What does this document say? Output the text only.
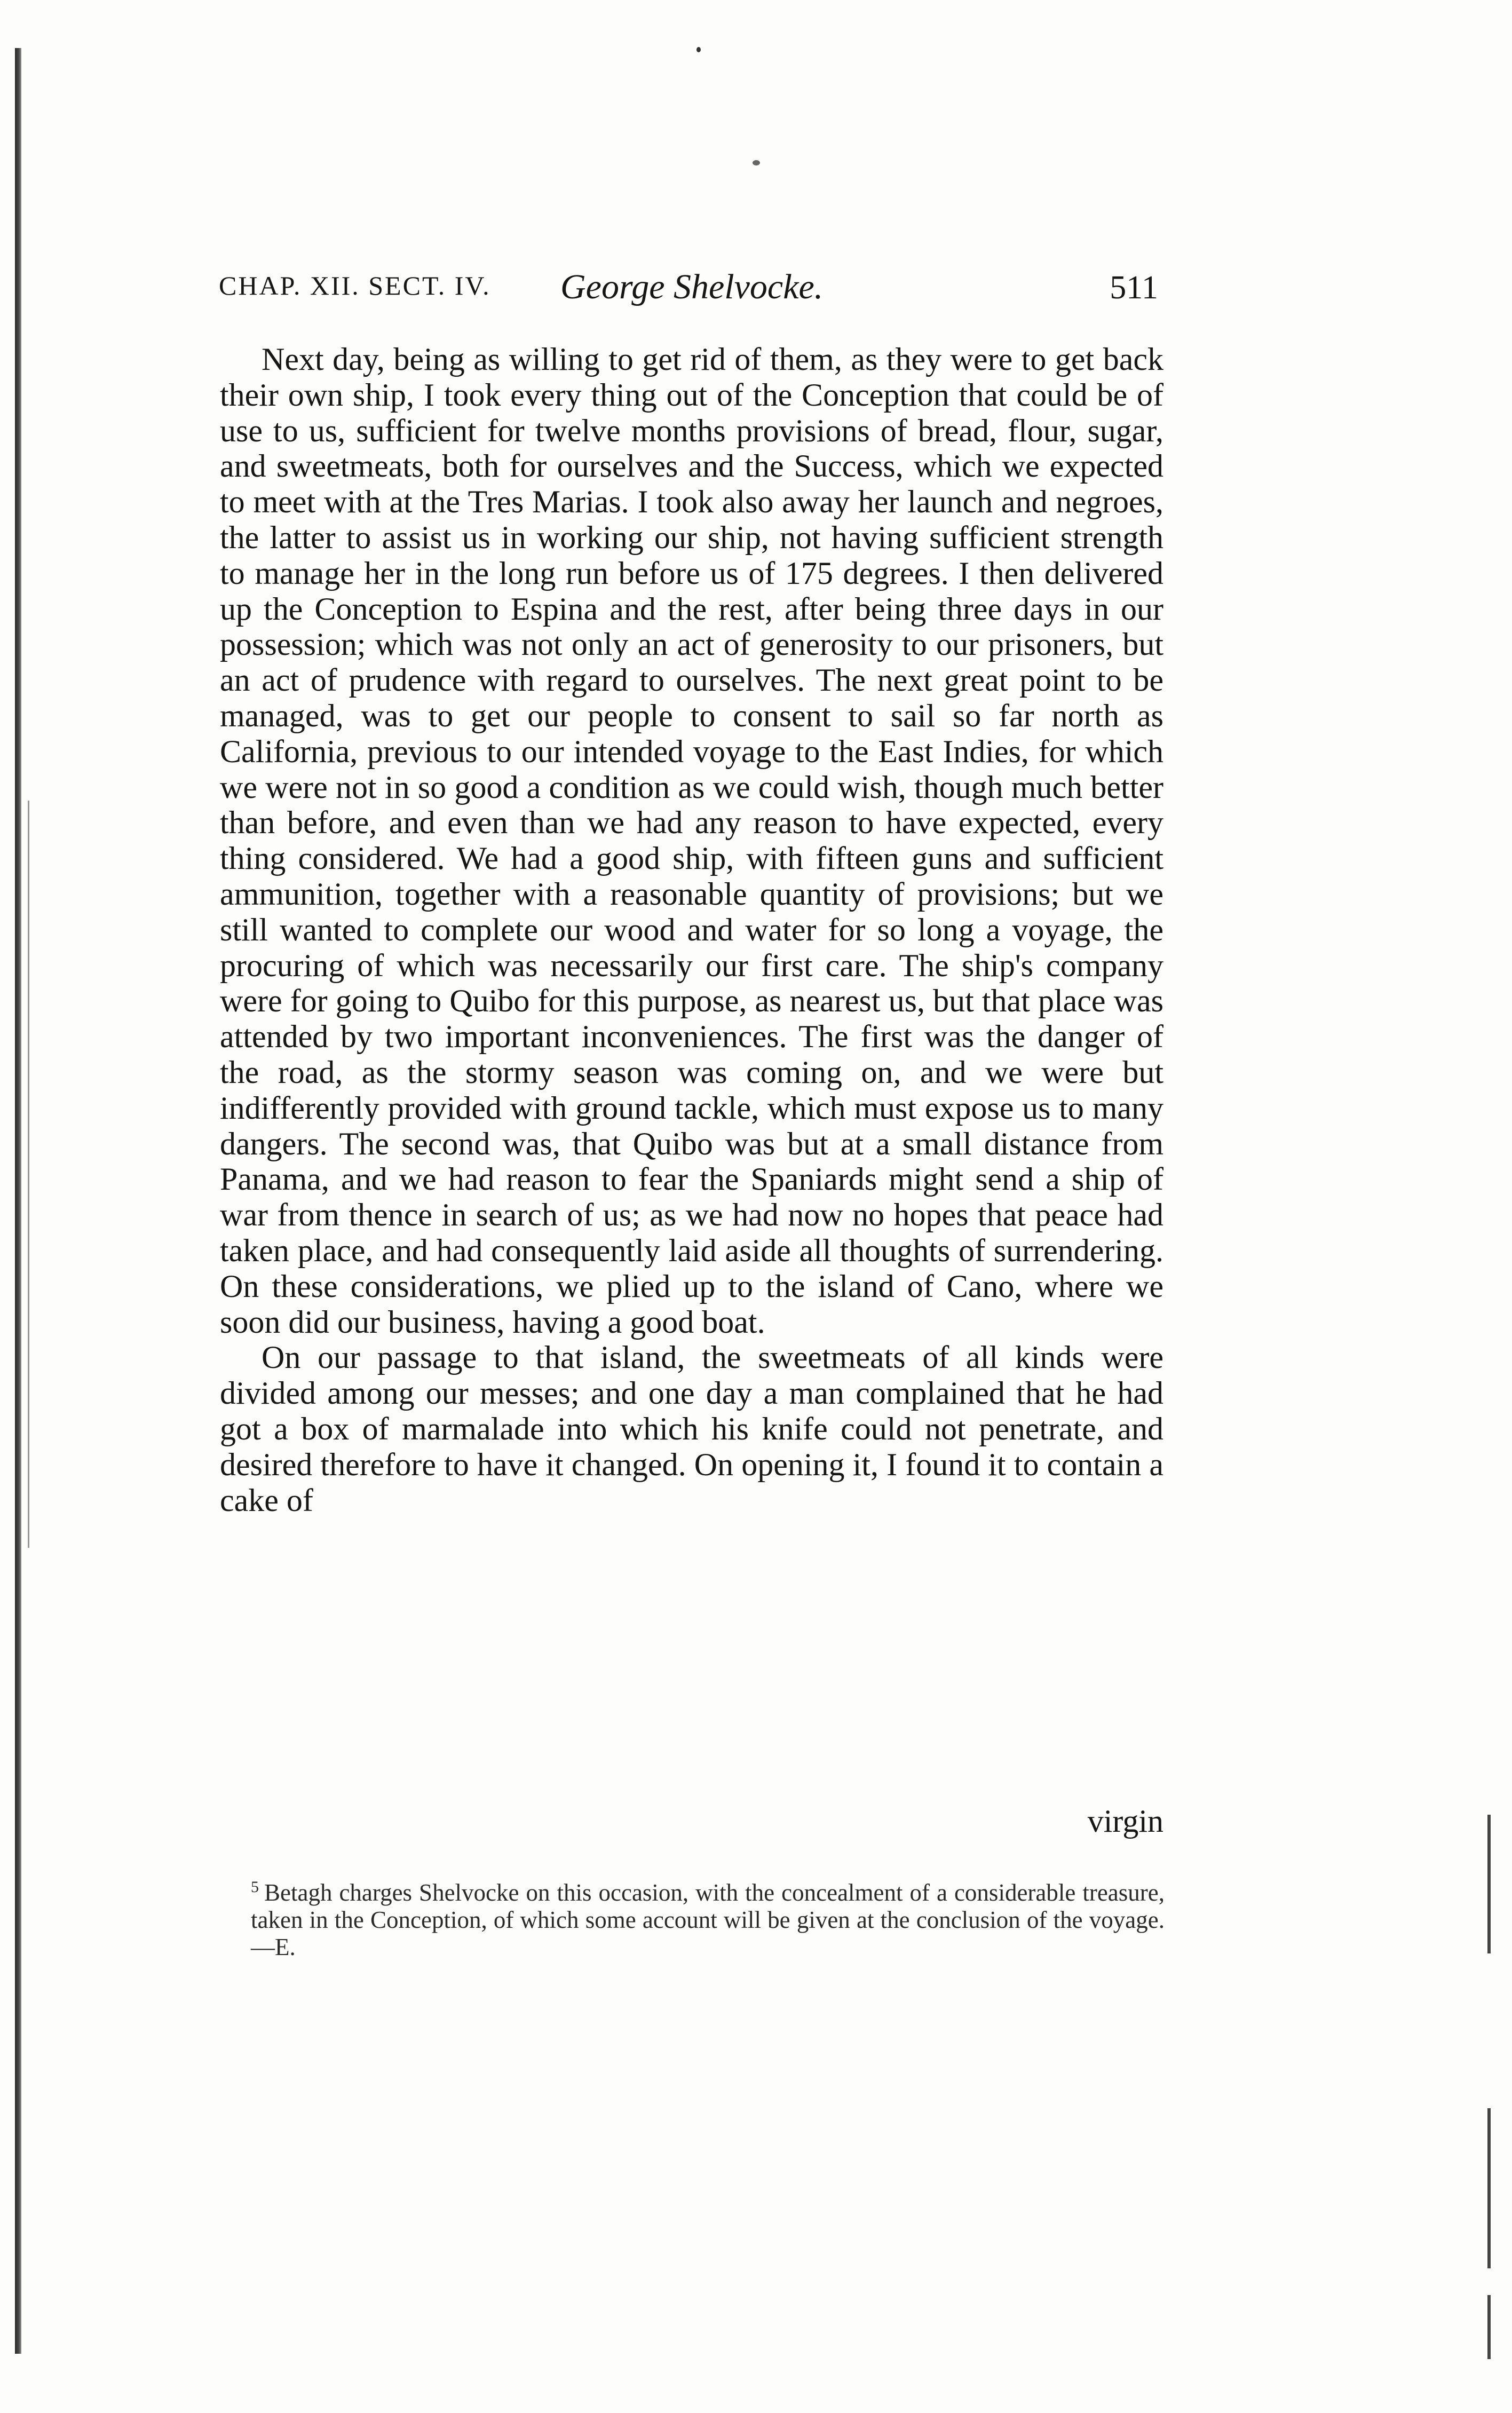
CHAP. XII. SECT. IV. George Shelvocke.	511

Next day, being as willing to get rid of them, as they were to get back their own ship, I took every thing out of the Conception that could be of use to us, sufficient for twelve months provisions of bread, flour, sugar, and sweetmeats, both for ourselves and the Success, which we expected to meet with at the Tres Marias. I took also away her launch and negroes, the latter to assist us in working our ship, not having sufficient strength to manage her in the long run before us of 175 degrees. I then delivered up the Conception to Espina and the rest, after being three days in our possession; which was not only an act of generosity to our prisoners, but an act of prudence with regard to ourselves. The next great point to be managed, was to get our people to consent to sail so far north as California, previous to our intended voyage to the East Indies, for which we were not in so good a condition as we could wish, though much better than before, and even than we had any reason to have expected, every thing considered. We had a good ship, with fifteen guns and sufficient ammunition, together with a reasonable quantity of provisions; but we still wanted to complete our wood and water for so long a voyage, the procuring of which was necessarily our first care. The ship's company were for going to Quibo for this purpose, as nearest us, but that place was attended by two important inconveniences. The first was the danger of the road, as the stormy season was coming on, and we were but indifferently provided with ground tackle, which must expose us to many dangers. The second was, that Quibo was but at a small distance from Panama, and we had reason to fear the Spaniards might send a ship of war from thence in search of us; as we had now no hopes that peace had taken place, and had consequently laid aside all thoughts of surrendering. On these considerations, we plied up to the island of Cano, where we soon did our business, having a good boat.

On our passage to that island, the sweetmeats of all kinds were divided among our messes; and one day a man complained that he had got a box of marmalade into which his knife could not penetrate, and desired therefore to have it changed. On opening it, I found it to contain a cake of

virgin
$^5$ Betagh charges Shelvocke on this occasion, with the concealment of a considerable treasure, taken in the Conception, of which some account will be given at the conclusion of the voyage.—E.
